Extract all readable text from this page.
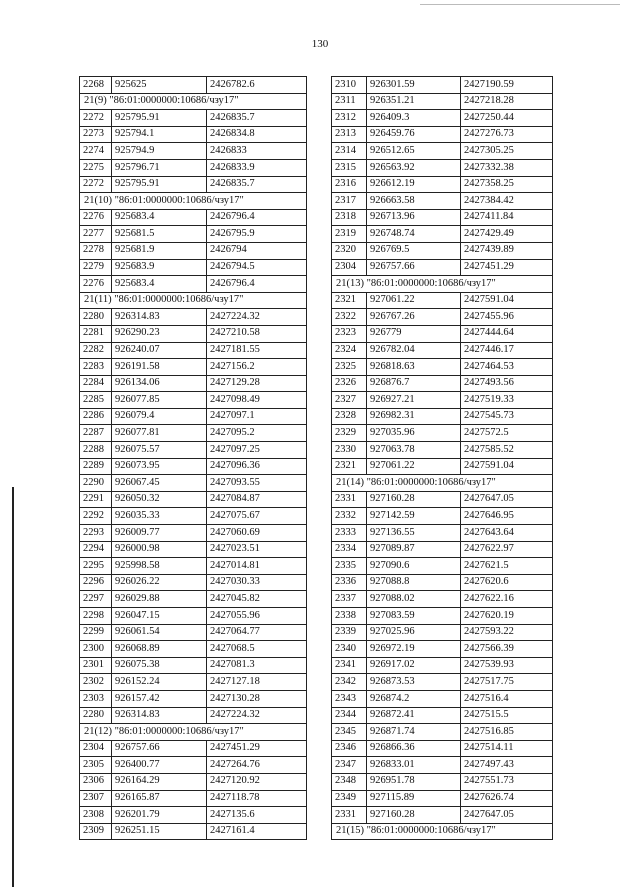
130
2268	925625	2426782.6
21(9) "86:01:0000000:10686/чзу17"		
2272	925795.91	2426835.7
2273	925794.1	2426834.8
2274	925794.9	2426833
2275	925796.71	2426833.9
2272	925795.91	2426835.7
21(10) "86:01:0000000:10686/чзу17"		
2276	925683.4	2426796.4
2277	925681.5	2426795.9
2278	925681.9	2426794
2279	925683.9	2426794.5
2276	925683.4	2426796.4
21(11) "86:01:0000000:10686/чзу17"		
2280	926314.83	2427224.32
2281	926290.23	2427210.58
2282	926240.07	2427181.55
2283	926191.58	2427156.2
2284	926134.06	2427129.28
2285	926077.85	2427098.49
2286	926079.4	2427097.1
2287	926077.81	2427095.2
2288	926075.57	2427097.25
2289	926073.95	2427096.36
2290	926067.45	2427093.55
2291	926050.32	2427084.87
2292	926035.33	2427075.67
2293	926009.77	2427060.69
2294	926000.98	2427023.51
2295	925998.58	2427014.81
2296	926026.22	2427030.33
2297	926029.88	2427045.82
2298	926047.15	2427055.96
2299	926061.54	2427064.77
2300	926068.89	2427068.5
2301	926075.38	2427081.3
2302	926152.24	2427127.18
2303	926157.42	2427130.28
2280	926314.83	2427224.32
21(12) "86:01:0000000:10686/чзу17"		
2304	926757.66	2427451.29
2305	926400.77	2427264.76
2306	926164.29	2427120.92
2307	926165.87	2427118.78
2308	926201.79	2427135.6
2309	926251.15	2427161.4
2310	926301.59	2427190.59
2311	926351.21	2427218.28
2312	926409.3	2427250.44
2313	926459.76	2427276.73
2314	926512.65	2427305.25
2315	926563.92	2427332.38
2316	926612.19	2427358.25
2317	926663.58	2427384.42
2318	926713.96	2427411.84
2319	926748.74	2427429.49
2320	926769.5	2427439.89
2304	926757.66	2427451.29
21(13) "86:01:0000000:10686/чзу17"		
2321	927061.22	2427591.04
2322	926767.26	2427455.96
2323	926779	2427444.64
2324	926782.04	2427446.17
2325	926818.63	2427464.53
2326	926876.7	2427493.56
2327	926927.21	2427519.33
2328	926982.31	2427545.73
2329	927035.96	2427572.5
2330	927063.78	2427585.52
2321	927061.22	2427591.04
21(14) "86:01:0000000:10686/чзу17"		
2331	927160.28	2427647.05
2332	927142.59	2427646.95
2333	927136.55	2427643.64
2334	927089.87	2427622.97
2335	927090.6	2427621.5
2336	927088.8	2427620.6
2337	927088.02	2427622.16
2338	927083.59	2427620.19
2339	927025.96	2427593.22
2340	926972.19	2427566.39
2341	926917.02	2427539.93
2342	926873.53	2427517.75
2343	926874.2	2427516.4
2344	926872.41	2427515.5
2345	926871.74	2427516.85
2346	926866.36	2427514.11
2347	926833.01	2427497.43
2348	926951.78	2427551.73
2349	927115.89	2427626.74
2331	927160.28	2427647.05
21(15) "86:01:0000000:10686/чзу17"		
